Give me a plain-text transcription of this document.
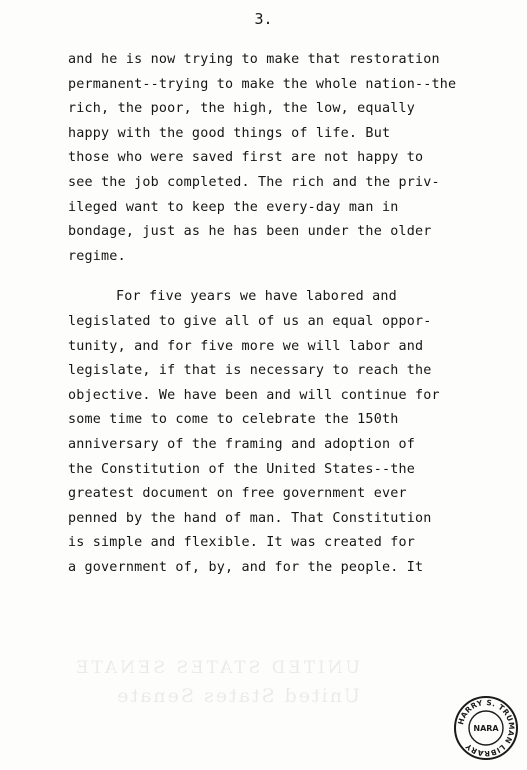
3.
and he is now trying to make that restoration
permanent--trying to make the whole nation--the
rich, the poor, the high, the low, equally
happy with the good things of life. But
those who were saved first are not happy to
see the job completed. The rich and the priv-
ileged want to keep the every-day man in
bondage, just as he has been under the older
regime.
For five years we have labored and
legislated to give all of us an equal oppor-
tunity, and for five more we will labor and
legislate, if that is necessary to reach the
objective. We have been and will continue for
some time to come to celebrate the 150th
anniversary of the framing and adoption of
the Constitution of the United States--the
greatest document on free government ever
penned by the hand of man. That Constitution
is simple and flexible. It was created for
a government of, by, and for the people. It
UNITED STATES SENATE
United States Senate
HARRY S. TRUMAN LIBRARY
NARA
